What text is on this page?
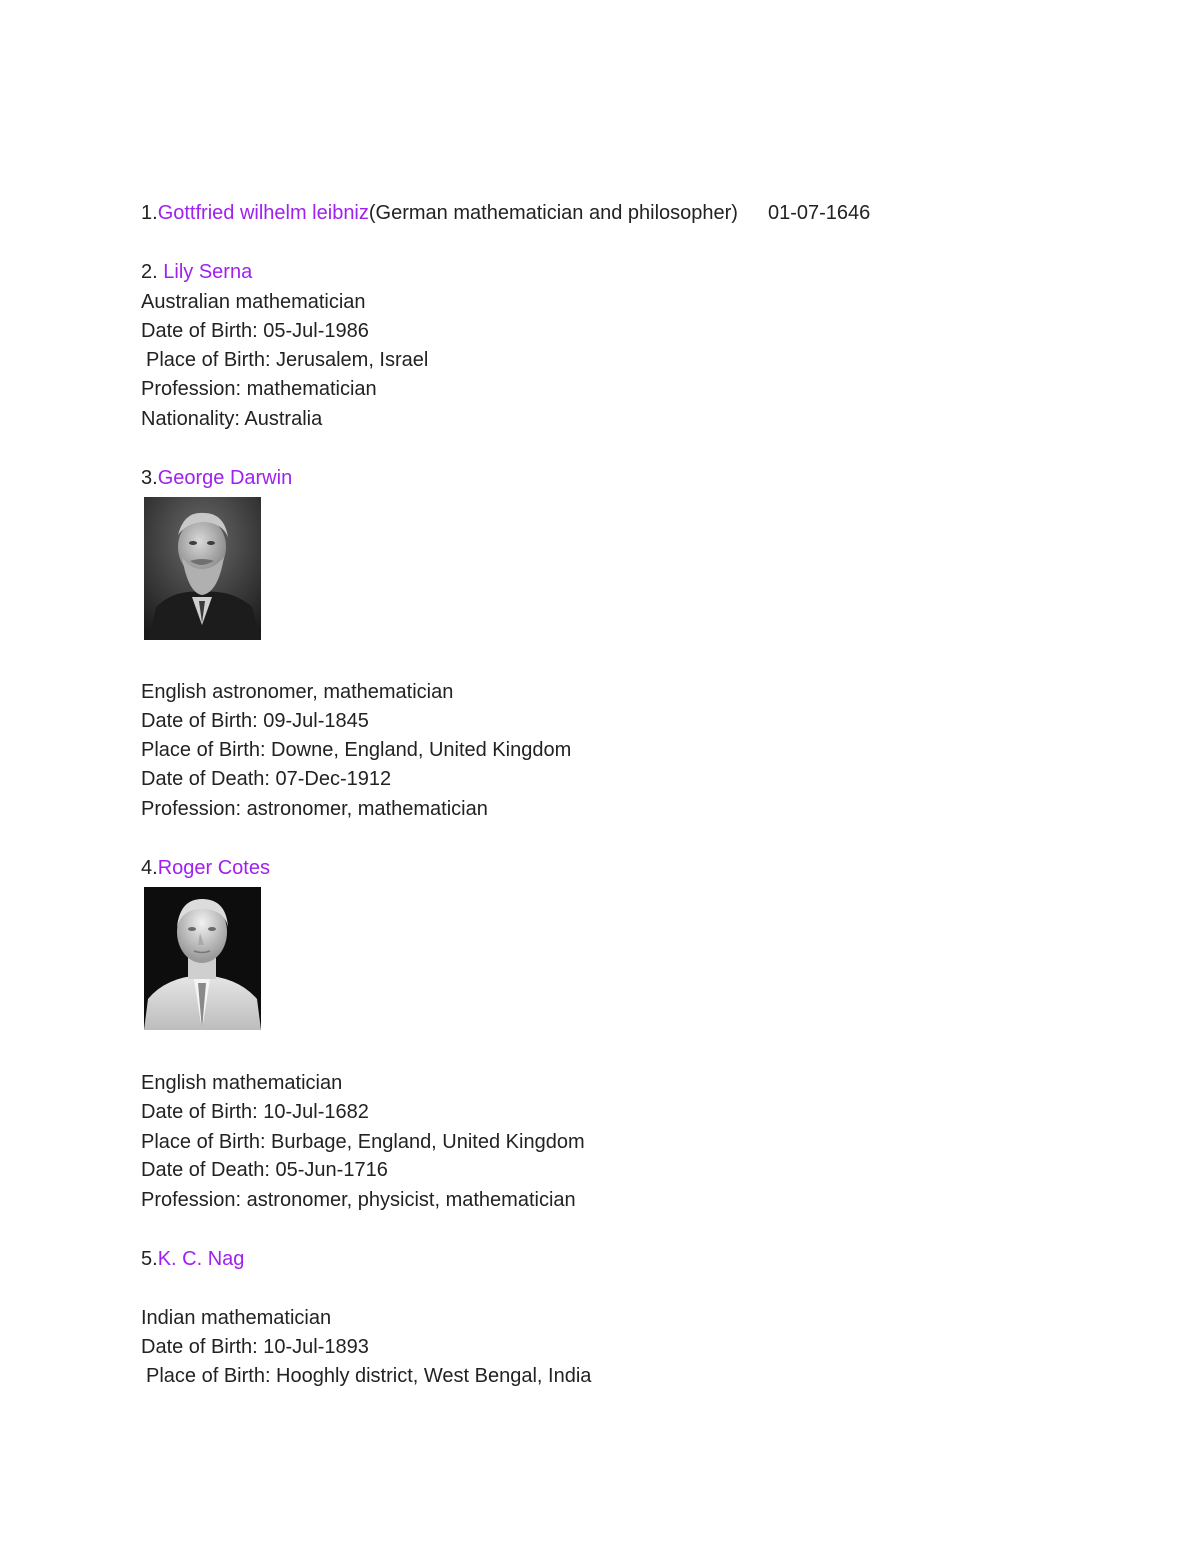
1.Gottfried wilhelm leibniz(German mathematician and philosopher) 01-07-1646
2. Lily Serna
Australian mathematician
Date of Birth: 05-Jul-1986
Place of Birth: Jerusalem, Israel
Profession: mathematician
Nationality: Australia
3.George Darwin
English astronomer, mathematician
Date of Birth: 09-Jul-1845
Place of Birth: Downe, England, United Kingdom
Date of Death: 07-Dec-1912
Profession: astronomer, mathematician
4.Roger Cotes
English mathematician
Date of Birth: 10-Jul-1682
Place of Birth: Burbage, England, United Kingdom
Date of Death: 05-Jun-1716
Profession: astronomer, physicist, mathematician
5.K. C. Nag
Indian mathematician
Date of Birth: 10-Jul-1893
Place of Birth: Hooghly district, West Bengal, India
